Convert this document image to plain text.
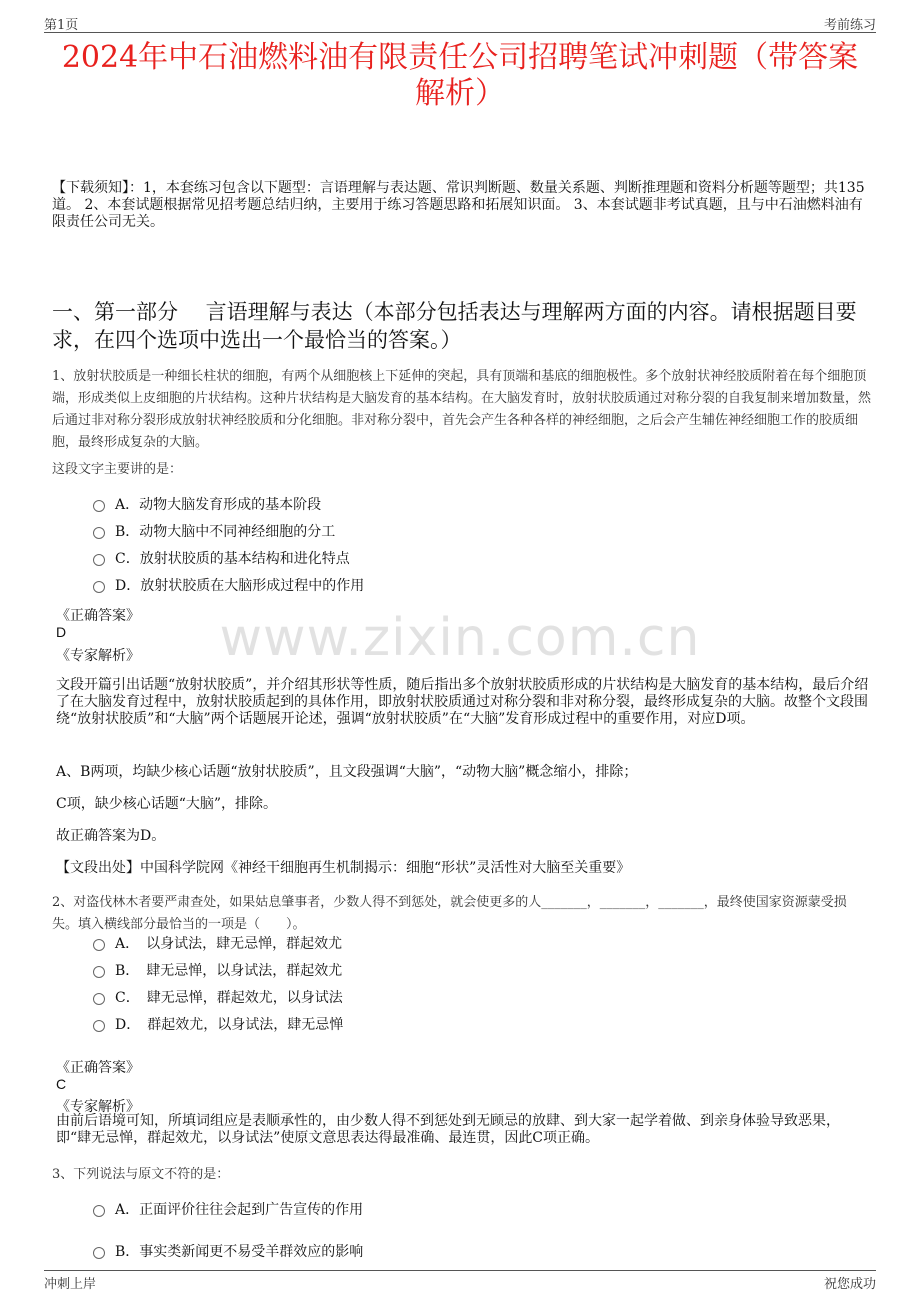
第1页	考前练习
2024年中石油燃料油有限责任公司招聘笔试冲刺题（带答案解析）
【下载须知】：1，本套练习包含以下题型：言语理解与表达题、常识判断题、数量关系题、判断推理题和资料分析题等题型；共135道。 2、本套试题根据常见招考题总结归纳，主要用于练习答题思路和拓展知识面。 3、本套试题非考试真题，且与中石油燃料油有限责任公司无关。
一、第一部分　 言语理解与表达（本部分包括表达与理解两方面的内容。请根据题目要求，在四个选项中选出一个最恰当的答案。）
1、放射状胶质是一种细长柱状的细胞，有两个从细胞核上下延伸的突起，具有顶端和基底的细胞极性。多个放射状神经胶质附着在每个细胞顶端，形成类似上皮细胞的片状结构。这种片状结构是大脑发育的基本结构。在大脑发育时，放射状胶质通过对称分裂的自我复制来增加数量，然后通过非对称分裂形成放射状神经胶质和分化细胞。非对称分裂中，首先会产生各种各样的神经细胞，之后会产生辅佐神经细胞工作的胶质细胞，最终形成复杂的大脑。
这段文字主要讲的是：
A．动物大脑发育形成的基本阶段
B．动物大脑中不同神经细胞的分工
C．放射状胶质的基本结构和进化特点
D．放射状胶质在大脑形成过程中的作用
《正确答案》
D
《专家解析》	www.zixin.com.cn
文段开篇引出话题“放射状胶质”，并介绍其形状等性质，随后指出多个放射状胶质形成的片状结构是大脑发育的基本结构，最后介绍了在大脑发育过程中，放射状胶质起到的具体作用，即放射状胶质通过对称分裂和非对称分裂，最终形成复杂的大脑。故整个文段围绕“放射状胶质”和“大脑”两个话题展开论述，强调“放射状胶质”在“大脑”发育形成过程中的重要作用，对应D项。
A、B两项，均缺少核心话题“放射状胶质”，且文段强调“大脑”，“动物大脑”概念缩小，排除；
C项，缺少核心话题“大脑”，排除。
故正确答案为D。
【文段出处】中国科学院网《神经干细胞再生机制揭示：细胞“形状”灵活性对大脑至关重要》
2、对盗伐林木者要严肃查处，如果姑息肇事者，少数人得不到惩处，就会使更多的人_______，_______，_______，最终使国家资源蒙受损失。填入横线部分最恰当的一项是（　　）。
A．　以身试法，肆无忌惮，群起效尤
B．　肆无忌惮，以身试法，群起效尤
C．　肆无忌惮，群起效尤，以身试法
D．　群起效尤，以身试法，肆无忌惮
《正确答案》
C
《专家解析》
由前后语境可知，所填词组应是表顺承性的，由少数人得不到惩处到无顾忌的放肆、到大家一起学着做、到亲身体验导致恶果，即“肆无忌惮，群起效尤，以身试法”使原文意思表达得最准确、最连贯，因此C项正确。
3、下列说法与原文不符的是：
A．正面评价往往会起到广告宣传的作用
B．事实类新闻更不易受羊群效应的影响
冲刺上岸	祝您成功
